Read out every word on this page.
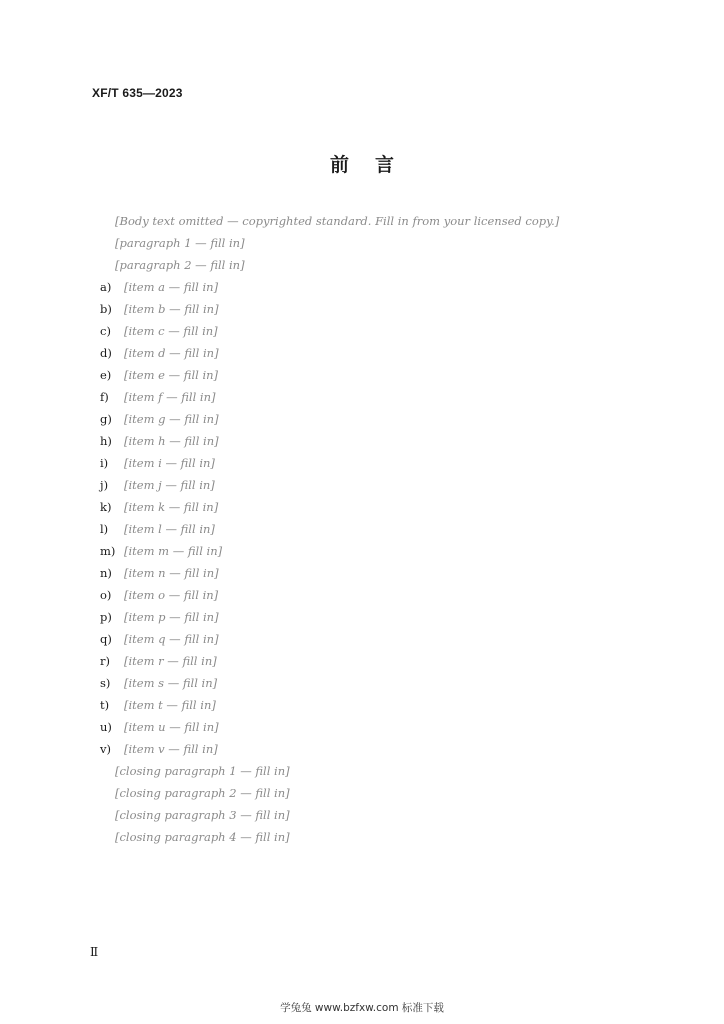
XF/T 635—2023
前言

[Body text omitted — copyrighted standard. Fill in from your licensed copy.]

[paragraph 1 — fill in]

[paragraph 2 — fill in]

a)	[item a — fill in]
b)	[item b — fill in]
c)	[item c — fill in]
d)	[item d — fill in]
e)	[item e — fill in]
f)	[item f — fill in]
g)	[item g — fill in]
h)	[item h — fill in]
i)	[item i — fill in]
j)	[item j — fill in]
k)	[item k — fill in]
l)	[item l — fill in]
m) [item m — fill in]
n)	[item n — fill in]
o)	[item o — fill in]
p)	[item p — fill in]
q)	[item q — fill in]
r)	[item r — fill in]
s)	[item s — fill in]
t)	[item t — fill in]
u)	[item u — fill in]
v)	[item v — fill in]

[closing paragraph 1 — fill in]

[closing paragraph 2 — fill in]

[closing paragraph 3 — fill in]

[closing paragraph 4 — fill in]

Ⅱ
学兔兔 www.bzfxw.com 标准下载
